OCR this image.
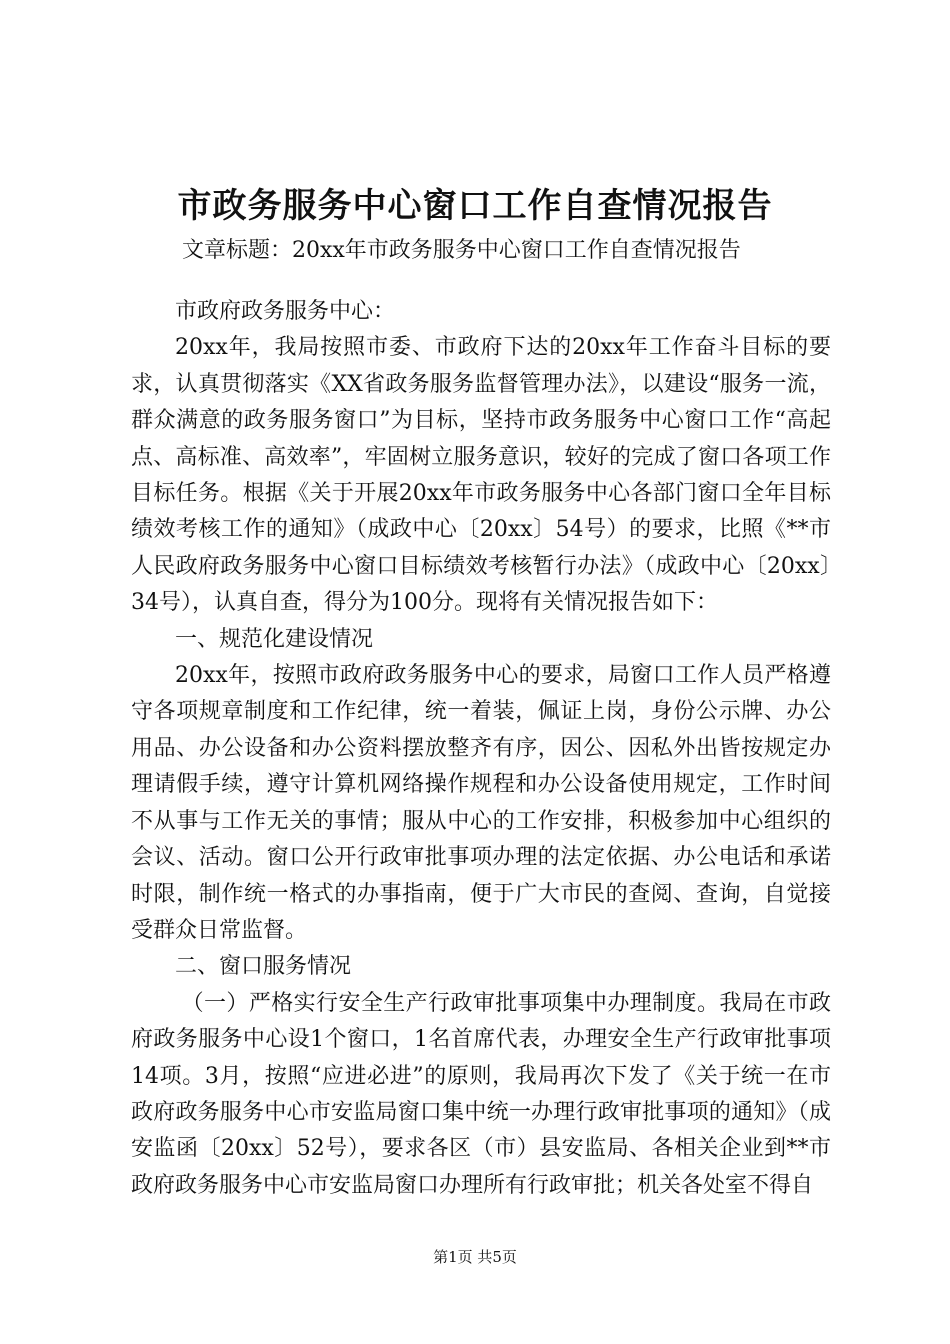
市政务服务中心窗口工作自查情况报告
文章标题：20xx年市政务服务中心窗口工作自查情况报告

市政府政务服务中心：

20xx年，我局按照市委、市政府下达的20xx年工作奋斗目标的要求，认真贯彻落实《XX省政务服务监督管理办法》，以建设“服务一流，群众满意的政务服务窗口”为目标，坚持市政务服务中心窗口工作“高起点、高标准、高效率”，牢固树立服务意识，较好的完成了窗口各项工作目标任务。根据《关于开展20xx年市政务服务中心各部门窗口全年目标绩效考核工作的通知》（成政中心〔20xx〕54号）的要求，比照《**市人民政府政务服务中心窗口目标绩效考核暂行办法》（成政中心〔20xx〕34号），认真自查，得分为100分。现将有关情况报告如下：

一、规范化建设情况

20xx年，按照市政府政务服务中心的要求，局窗口工作人员严格遵守各项规章制度和工作纪律，统一着装，佩证上岗，身份公示牌、办公用品、办公设备和办公资料摆放整齐有序，因公、因私外出皆按规定办理请假手续，遵守计算机网络操作规程和办公设备使用规定，工作时间不从事与工作无关的事情；服从中心的工作安排，积极参加中心组织的会议、活动。窗口公开行政审批事项办理的法定依据、办公电话和承诺时限，制作统一格式的办事指南，便于广大市民的查阅、查询，自觉接受群众日常监督。

二、窗口服务情况

（一）严格实行安全生产行政审批事项集中办理制度。我局在市政府政务服务中心设1个窗口，1名首席代表，办理安全生产行政审批事项14项。3月，按照“应进必进”的原则，我局再次下发了《关于统一在市政府政务服务中心市安监局窗口集中统一办理行政审批事项的通知》（成安监函〔20xx〕52号），要求各区（市）县安监局、各相关企业到**市政府政务服务中心市安监局窗口办理所有行政审批；机关各处室不得自

第1页 共5页
